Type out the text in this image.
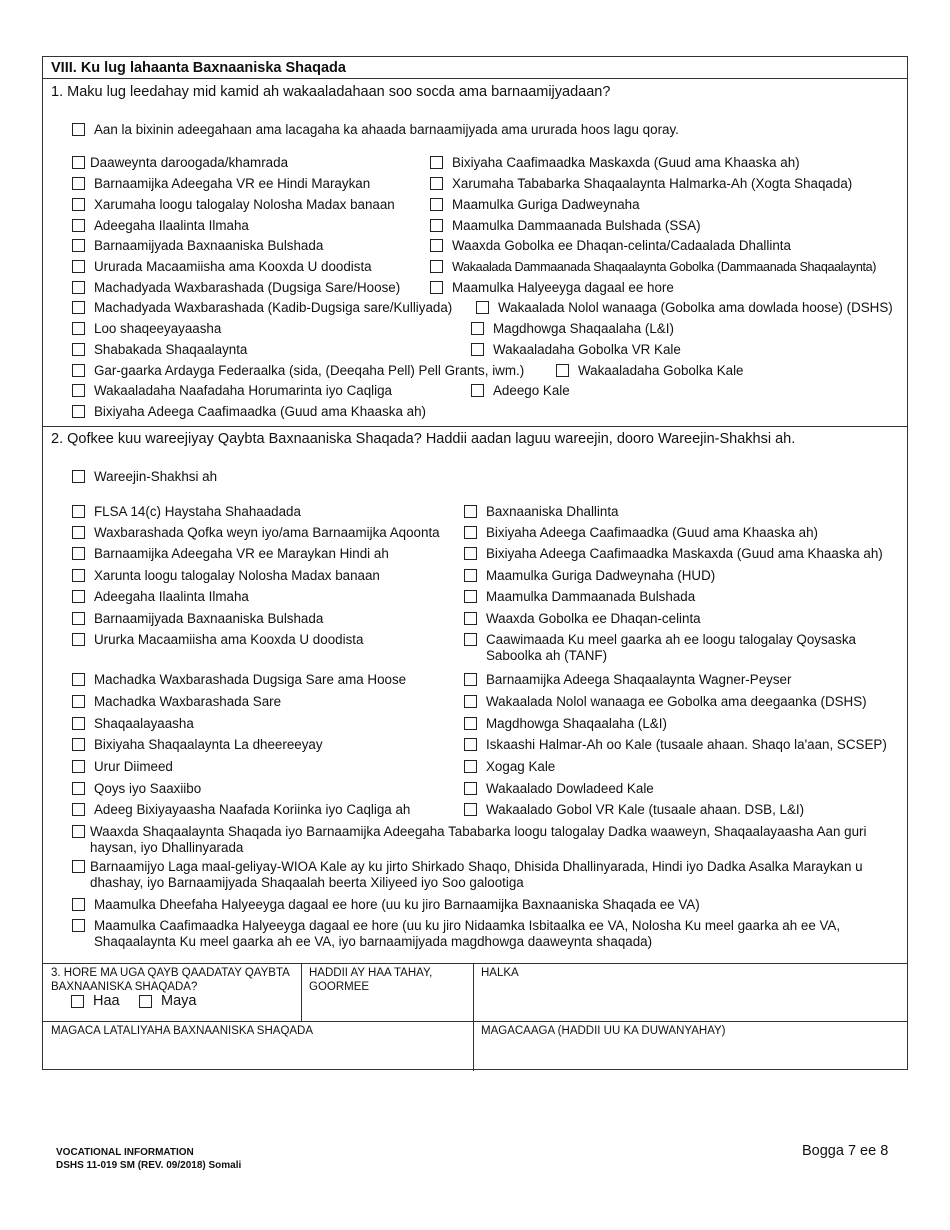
VIII. Ku lug lahaanta Baxnaaniska Shaqada
1. Maku lug leedahay mid kamid ah wakaaladahaan soo socda ama barnaamijyadaan?
Aan la bixinin adeegahaan ama lacagaha ka ahaada barnaamijyada ama ururada hoos lagu qoray.
Daaweynta daroogada/khamrada
Barnaamijka Adeegaha VR ee Hindi Maraykan
Xarumaha loogu talogalay Nolosha Madax banaan
Adeegaha Ilaalinta Ilmaha
Barnaamijyada Baxnaaniska Bulshada
Ururada Macaamiisha ama Kooxda U doodista
Machadyada Waxbarashada (Dugsiga Sare/Hoose)
Machadyada Waxbarashada (Kadib-Dugsiga sare/Kulliyada)
Loo shaqeeyayaasha
Shabakada Shaqaalaynta
Gar-gaarka Ardayga Federaalka (sida, (Deeqaha Pell) Pell Grants, iwm.)
Wakaaladaha Naafadaha Horumarinta iyo Caqliga
Bixiyaha Adeega Caafimaadka (Guud ama Khaaska ah)
Bixiyaha Caafimaadka Maskaxda (Guud ama Khaaska ah)
Xarumaha Tababarka Shaqaalaynta Halmarka-Ah (Xogta Shaqada)
Maamulka Guriga Dadweynaha
Maamulka Dammaanada Bulshada (SSA)
Waaxda Gobolka ee Dhaqan-celinta/Cadaalada Dhallinta
Wakaalada Dammaanada Shaqaalaynta Gobolka (Dammaanada Shaqaalaynta)
Maamulka Halyeeyga dagaal ee hore
Wakaalada Nolol wanaaga (Gobolka ama dowlada hoose) (DSHS)
Magdhowga Shaqaalaha (L&I)
Wakaaladaha Gobolka VR Kale
Wakaaladaha Gobolka Kale
Adeego Kale
2. Qofkee kuu wareejiyay Qaybta Baxnaaniska Shaqada? Haddii aadan laguu wareejin, dooro Wareejin-Shakhsi ah.
Wareejin-Shakhsi ah
FLSA 14(c) Haystaha Shahaadada
Waxbarashada Qofka weyn iyo/ama Barnaamijka Aqoonta
Barnaamijka Adeegaha VR ee Maraykan Hindi ah
Xarunta loogu talogalay Nolosha Madax banaan
Adeegaha Ilaalinta Ilmaha
Barnaamijyada Baxnaaniska Bulshada
Ururka Macaamiisha ama Kooxda U doodista
Machadka Waxbarashada Dugsiga Sare ama Hoose
Machadka Waxbarashada Sare
Shaqaalayaasha
Bixiyaha Shaqaalaynta La dheereeyay
Urur Diimeed
Qoys iyo Saaxiibo
Adeeg Bixiyayaasha Naafada Koriinka iyo Caqliga ah
Baxnaaniska Dhallinta
Bixiyaha Adeega Caafimaadka (Guud ama Khaaska ah)
Bixiyaha Adeega Caafimaadka Maskaxda (Guud ama Khaaska ah)
Maamulka Guriga Dadweynaha (HUD)
Maamulka Dammaanada Bulshada
Waaxda Gobolka ee Dhaqan-celinta
Caawimaada Ku meel gaarka ah ee loogu talogalay Qoysaska Saboolka ah (TANF)
Barnaamijka Adeega Shaqaalaynta Wagner-Peyser
Wakaalada Nolol wanaaga ee Gobolka ama deegaanka (DSHS)
Magdhowga Shaqaalaha (L&I)
Iskaashi Halmar-Ah oo Kale (tusaale ahaan. Shaqo la'aan, SCSEP)
Xogag Kale
Wakaalado Dowladeed Kale
Wakaalado Gobol VR Kale (tusaale ahaan. DSB, L&I)
Waaxda Shaqaalaynta Shaqada iyo Barnaamijka Adeegaha Tababarka loogu talogalay Dadka waaweyn, Shaqaalayaasha Aan guri haysan, iyo Dhallinyarada
Barnaamijyo Laga maal-geliyay-WIOA Kale ay ku jirto Shirkado Shaqo, Dhisida Dhallinyarada, Hindi iyo Dadka Asalka Maraykan u dhashay, iyo Barnaamijyada Shaqaalah beerta Xiliyeed iyo Soo galootiga
Maamulka Dheefaha Halyeeyga dagaal ee hore (uu ku jiro Barnaamijka Baxnaaniska Shaqada ee VA)
Maamulka Caafimaadka Halyeeyga dagaal ee hore (uu ku jiro Nidaamka Isbitaalka ee VA, Nolosha Ku meel gaarka ah ee VA, Shaqaalaynta Ku meel gaarka ah ee VA, iyo barnaamijyada magdhowga daaweynta shaqada)
3. HORE MA UGA QAYB QAADATAY QAYBTA BAXNAANISKA SHAQADA?
Haa	Maya
HADDII AY HAA TAHAY, GOORMEE
HALKA
MAGACA LATALIYAHA BAXNAANISKA SHAQADA	MAGACAAGA (HADDII UU KA DUWANYAHAY)
VOCATIONAL INFORMATION
DSHS 11-019 SM (REV. 09/2018) Somali
Bogga 7 ee 8
